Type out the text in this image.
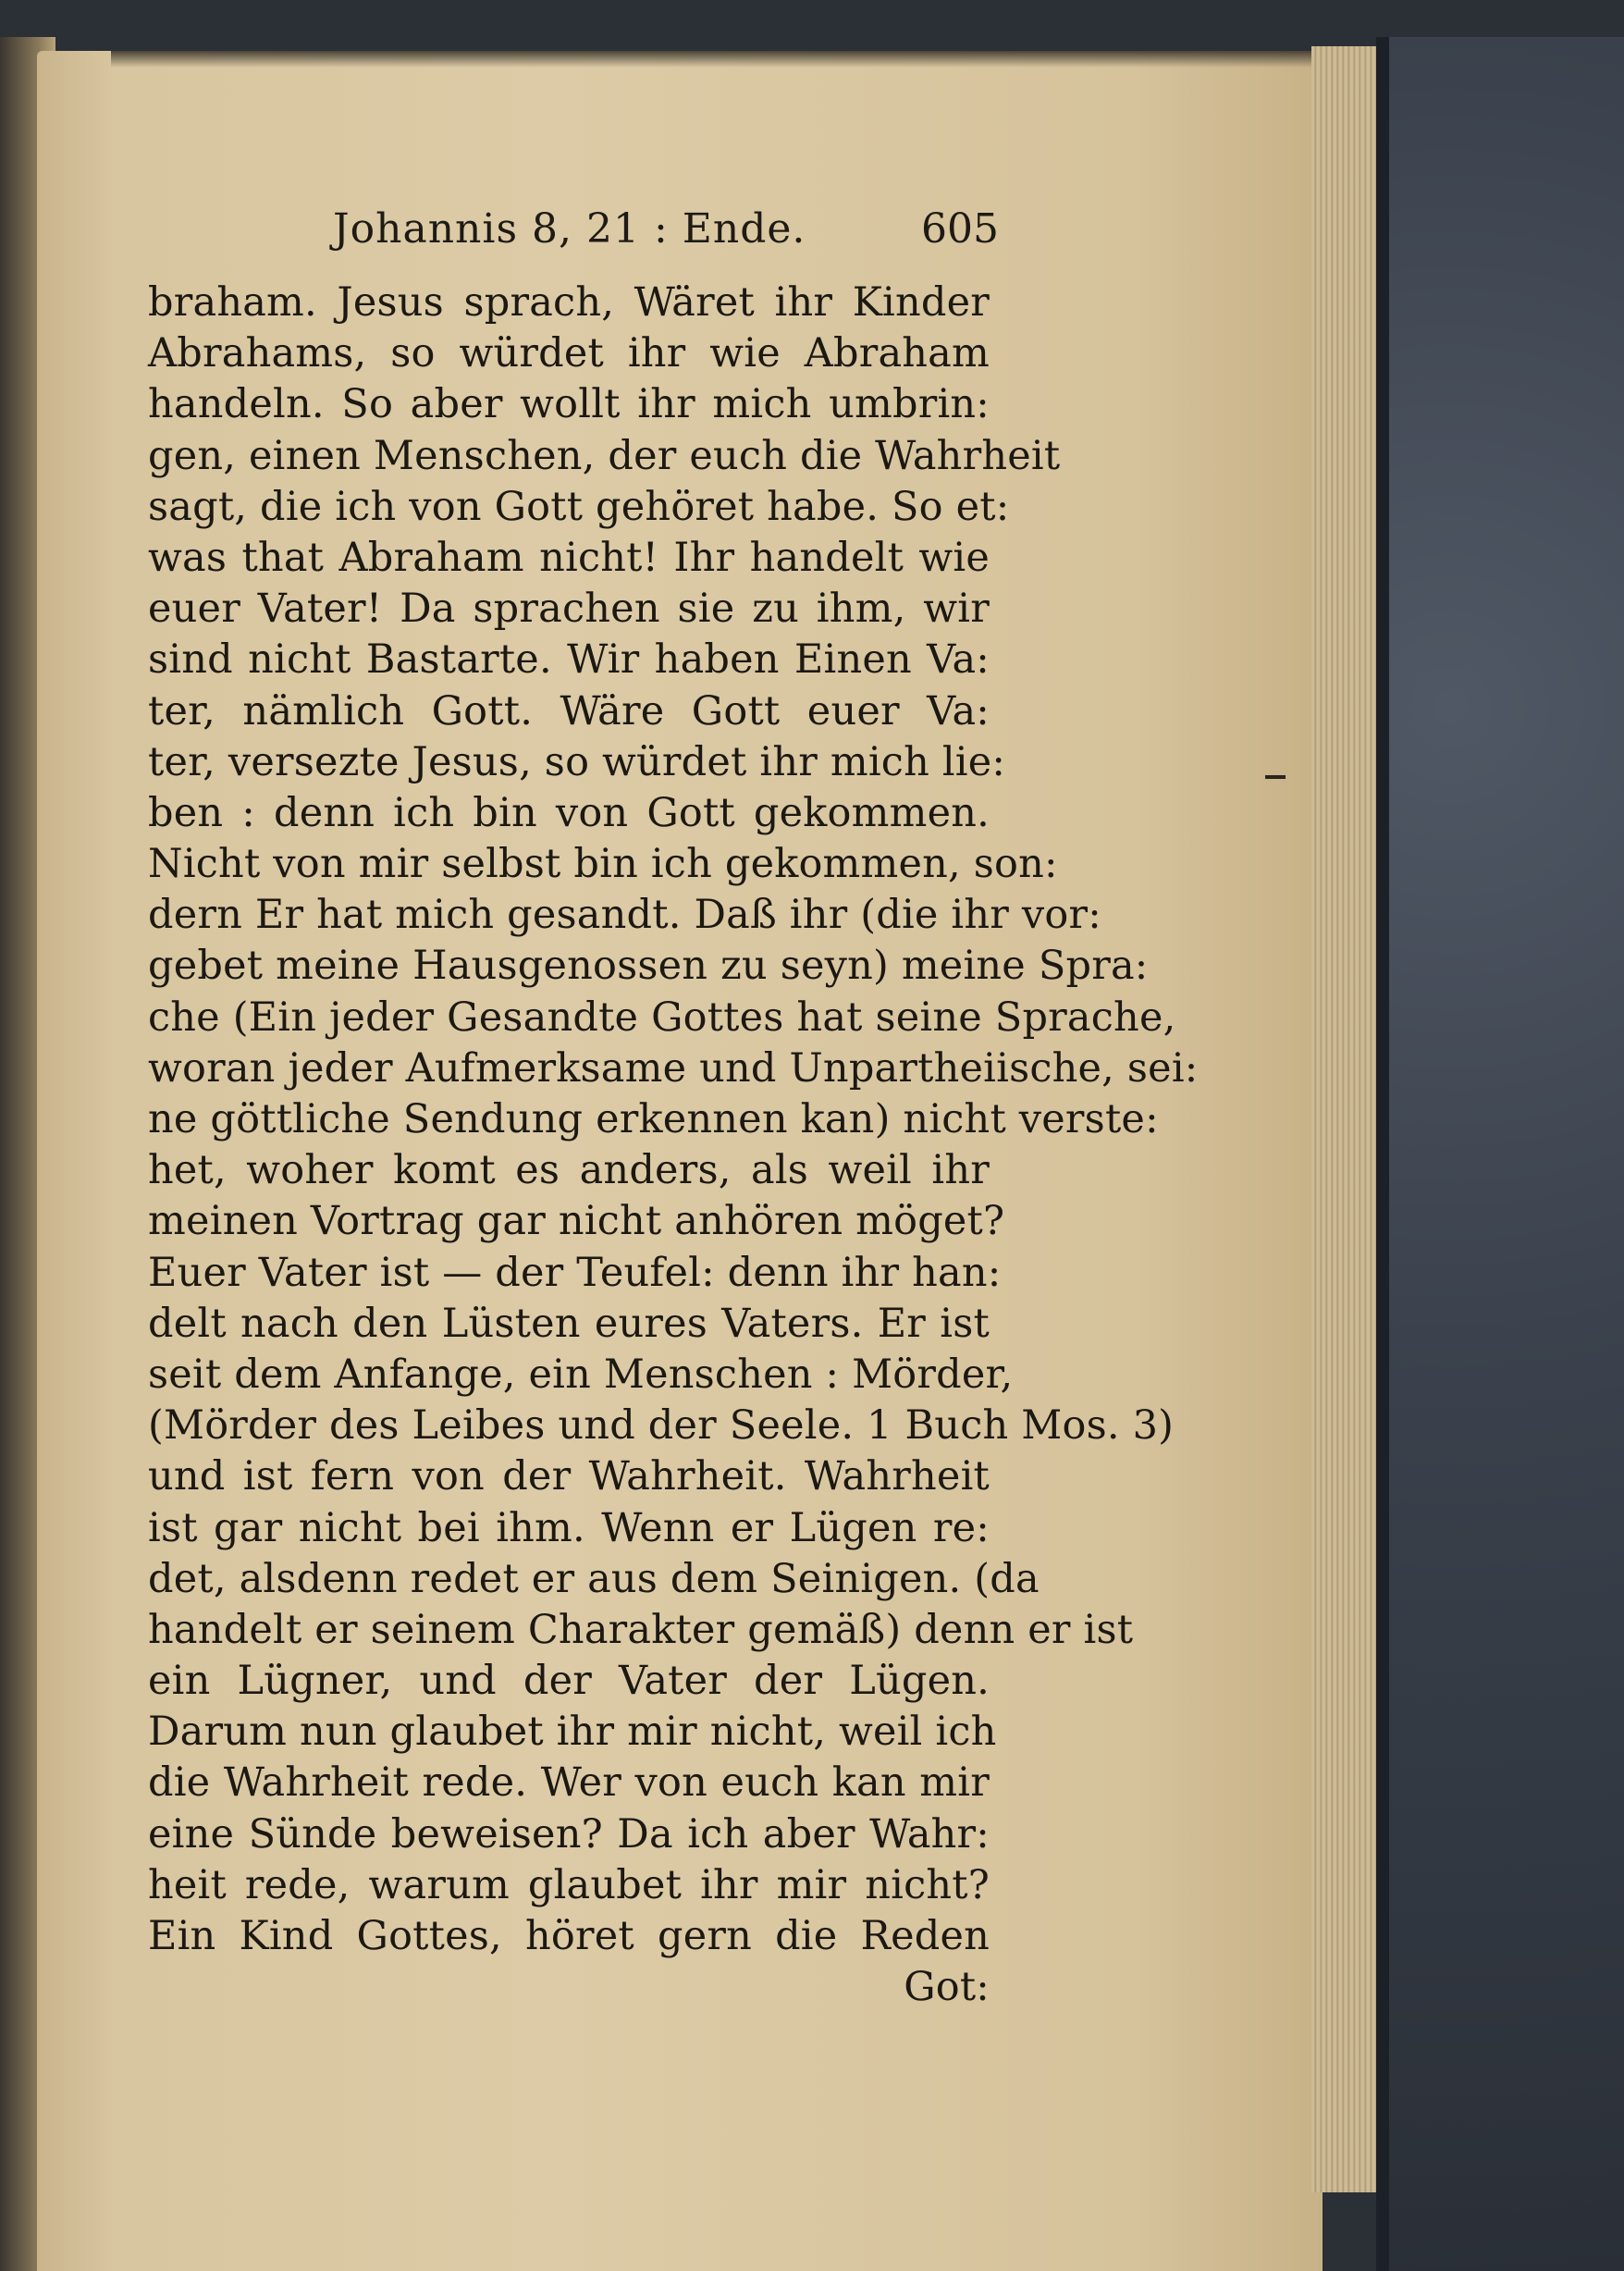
Johannis 8, 21 : Ende.	605
braham. Jesus sprach, Wäret ihr Kinder
Abrahams, so würdet ihr wie Abraham
handeln. So aber wollt ihr mich umbrin:
gen, einen Menschen, der euch die Wahrheit
sagt, die ich von Gott gehöret habe. So et:
was that Abraham nicht! Ihr handelt wie
euer Vater! Da sprachen sie zu ihm, wir
sind nicht Bastarte. Wir haben Einen Va:
ter, nämlich Gott. Wäre Gott euer Va:
ter, versezte Jesus, so würdet ihr mich lie:
ben : denn ich bin von Gott gekommen.
Nicht von mir selbst bin ich gekommen, son:
dern Er hat mich gesandt. Daß ihr (die ihr vor:
gebet meine Hausgenossen zu seyn) meine Spra:
che (Ein jeder Gesandte Gottes hat seine Sprache,
woran jeder Aufmerksame und Unpartheiische, sei:
ne göttliche Sendung erkennen kan) nicht verste:
het, woher komt es anders, als weil ihr
meinen Vortrag gar nicht anhören möget?
Euer Vater ist — der Teufel: denn ihr han:
delt nach den Lüsten eures Vaters. Er ist
seit dem Anfange, ein Menschen : Mörder,
(Mörder des Leibes und der Seele. 1 Buch Mos. 3)
und ist fern von der Wahrheit. Wahrheit
ist gar nicht bei ihm. Wenn er Lügen re:
det, alsdenn redet er aus dem Seinigen. (da
handelt er seinem Charakter gemäß) denn er ist
ein Lügner, und der Vater der Lügen.
Darum nun glaubet ihr mir nicht, weil ich
die Wahrheit rede. Wer von euch kan mir
eine Sünde beweisen? Da ich aber Wahr:
heit rede, warum glaubet ihr mir nicht?
Ein Kind Gottes, höret gern die Reden
Got:
